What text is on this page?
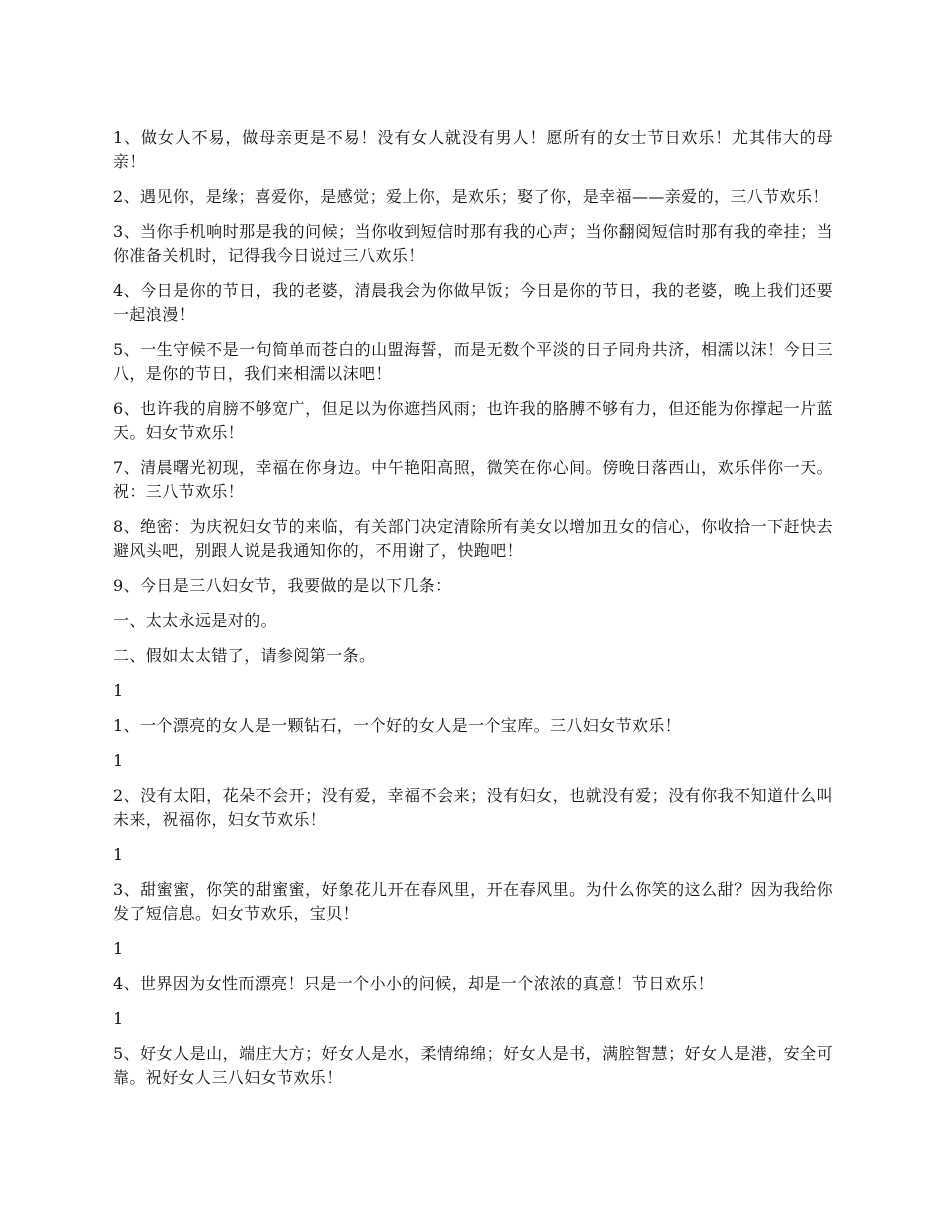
1、做女人不易，做母亲更是不易！没有女人就没有男人！愿所有的女士节日欢乐！尤其伟大的母亲！

2、遇见你，是缘；喜爱你，是感觉；爱上你，是欢乐；娶了你，是幸福——亲爱的，三八节欢乐！

3、当你手机响时那是我的问候；当你收到短信时那有我的心声；当你翻阅短信时那有我的牵挂；当你准备关机时，记得我今日说过三八欢乐！

4、今日是你的节日，我的老婆，清晨我会为你做早饭；今日是你的节日，我的老婆，晚上我们还要一起浪漫！

5、一生守候不是一句简单而苍白的山盟海誓，而是无数个平淡的日子同舟共济，相濡以沫！今日三八，是你的节日，我们来相濡以沫吧！

6、也许我的肩膀不够宽广，但足以为你遮挡风雨；也许我的胳膊不够有力，但还能为你撑起一片蓝天。妇女节欢乐！

7、清晨曙光初现，幸福在你身边。中午艳阳高照，微笑在你心间。傍晚日落西山，欢乐伴你一天。祝：三八节欢乐！

8、绝密：为庆祝妇女节的来临，有关部门决定清除所有美女以增加丑女的信心，你收拾一下赶快去避风头吧，别跟人说是我通知你的，不用谢了，快跑吧！

9、今日是三八妇女节，我要做的是以下几条：

一、太太永远是对的。

二、假如太太错了，请参阅第一条。

1

1、一个漂亮的女人是一颗钻石，一个好的女人是一个宝库。三八妇女节欢乐！

1

2、没有太阳，花朵不会开；没有爱，幸福不会来；没有妇女，也就没有爱；没有你我不知道什么叫未来，祝福你，妇女节欢乐！

1

3、甜蜜蜜，你笑的甜蜜蜜，好象花儿开在春风里，开在春风里。为什么你笑的这么甜？因为我给你发了短信息。妇女节欢乐，宝贝！

1

4、世界因为女性而漂亮！只是一个小小的问候，却是一个浓浓的真意！节日欢乐！

1

5、好女人是山，端庄大方；好女人是水，柔情绵绵；好女人是书，满腔智慧；好女人是港，安全可靠。祝好女人三八妇女节欢乐！
